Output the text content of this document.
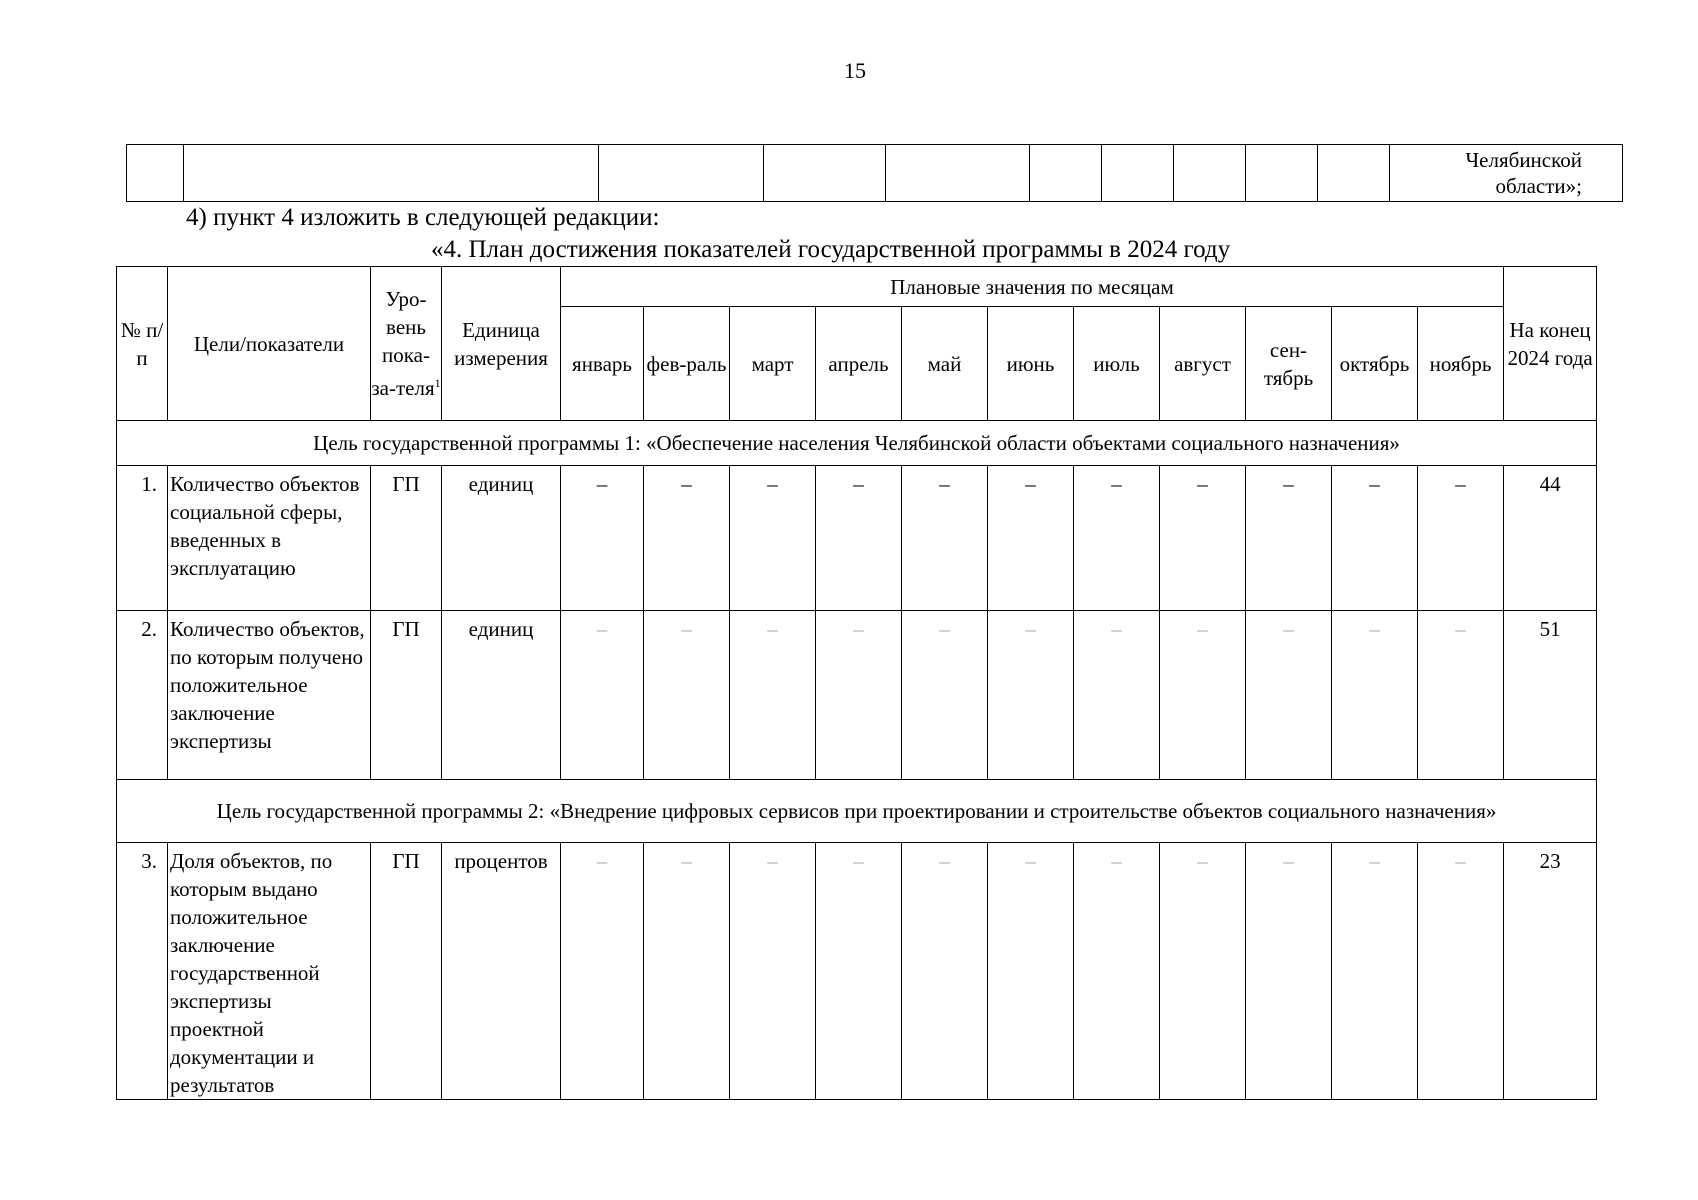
15
										Челябинской области»;
4) пункт 4 изложить в следующей редакции:
«4. План достижения показателей государственной программы в 2024 году
№ п/п	Цели/показатели	Уро-вень пока-за-теля$^1$	Единица измерения	Плановые значения по месяцам											На конец 2024 года
				январь	фев-раль	март	апрель	май	июнь	июль	август	сен-тябрь	октябрь	ноябрь	
Цель государственной программы 1: «Обеспечение населения Челябинской области объектами социального назначения»															
1.	Количество объектов социальной сферы, введенных в эксплуатацию	ГП	единиц	–	–	–	–	–	–	–	–	–	–	–	44
2.	Количество объектов, по которым получено положительное заключение экспертизы	ГП	единиц	–	–	–	–	–	–	–	–	–	–	–	51
Цель государственной программы 2: «Внедрение цифровых сервисов при проектировании и строительстве объектов социального назначения»															
3.	Доля объектов, по которым выдано положительное заключение государственной экспертизы проектной документации и результатов	ГП	процентов	–	–	–	–	–	–	–	–	–	–	–	23
